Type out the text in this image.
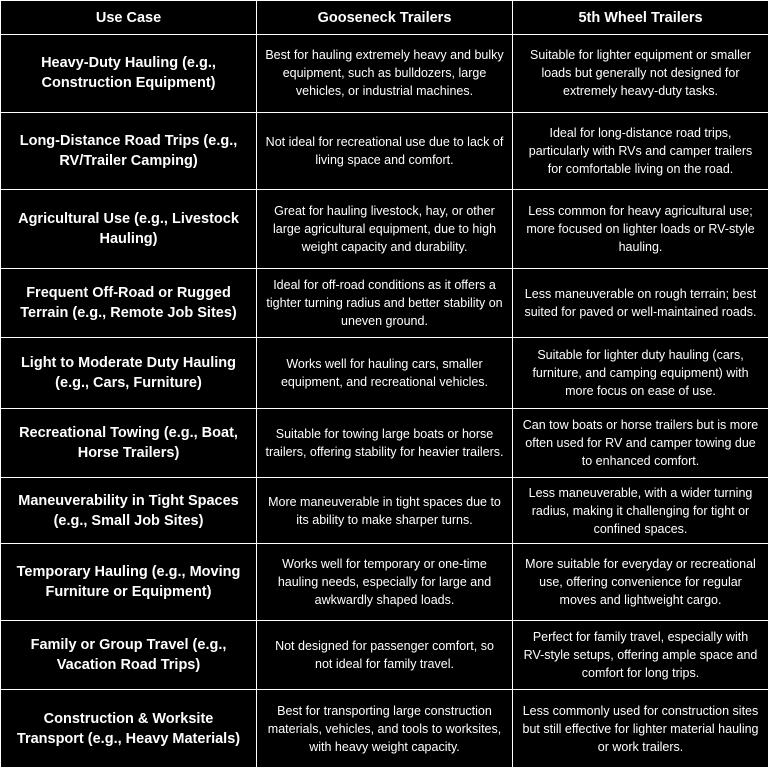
Use Case	Gooseneck Trailers	5th Wheel Trailers
Heavy-Duty Hauling (e.g., Construction Equipment)	Best for hauling extremely heavy and bulky equipment, such as bulldozers, large vehicles, or industrial machines.	Suitable for lighter equipment or smaller loads but generally not designed for extremely heavy-duty tasks.
Long-Distance Road Trips (e.g., RV/Trailer Camping)	Not ideal for recreational use due to lack of living space and comfort.	Ideal for long-distance road trips, particularly with RVs and camper trailers for comfortable living on the road.
Agricultural Use (e.g., Livestock Hauling)	Great for hauling livestock, hay, or other large agricultural equipment, due to high weight capacity and durability.	Less common for heavy agricultural use; more focused on lighter loads or RV-style hauling.
Frequent Off-Road or Rugged Terrain (e.g., Remote Job Sites)	Ideal for off-road conditions as it offers a tighter turning radius and better stability on uneven ground.	Less maneuverable on rough terrain; best suited for paved or well-maintained roads.
Light to Moderate Duty Hauling (e.g., Cars, Furniture)	Works well for hauling cars, smaller equipment, and recreational vehicles.	Suitable for lighter duty hauling (cars, furniture, and camping equipment) with more focus on ease of use.
Recreational Towing (e.g., Boat, Horse Trailers)	Suitable for towing large boats or horse trailers, offering stability for heavier trailers.	Can tow boats or horse trailers but is more often used for RV and camper towing due to enhanced comfort.
Maneuverability in Tight Spaces (e.g., Small Job Sites)	More maneuverable in tight spaces due to its ability to make sharper turns.	Less maneuverable, with a wider turning radius, making it challenging for tight or confined spaces.
Temporary Hauling (e.g., Moving Furniture or Equipment)	Works well for temporary or one-time hauling needs, especially for large and awkwardly shaped loads.	More suitable for everyday or recreational use, offering convenience for regular moves and lightweight cargo.
Family or Group Travel (e.g., Vacation Road Trips)	Not designed for passenger comfort, so not ideal for family travel.	Perfect for family travel, especially with RV-style setups, offering ample space and comfort for long trips.
Construction & Worksite Transport (e.g., Heavy Materials)	Best for transporting large construction materials, vehicles, and tools to worksites, with heavy weight capacity.	Less commonly used for construction sites but still effective for lighter material hauling or work trailers.
